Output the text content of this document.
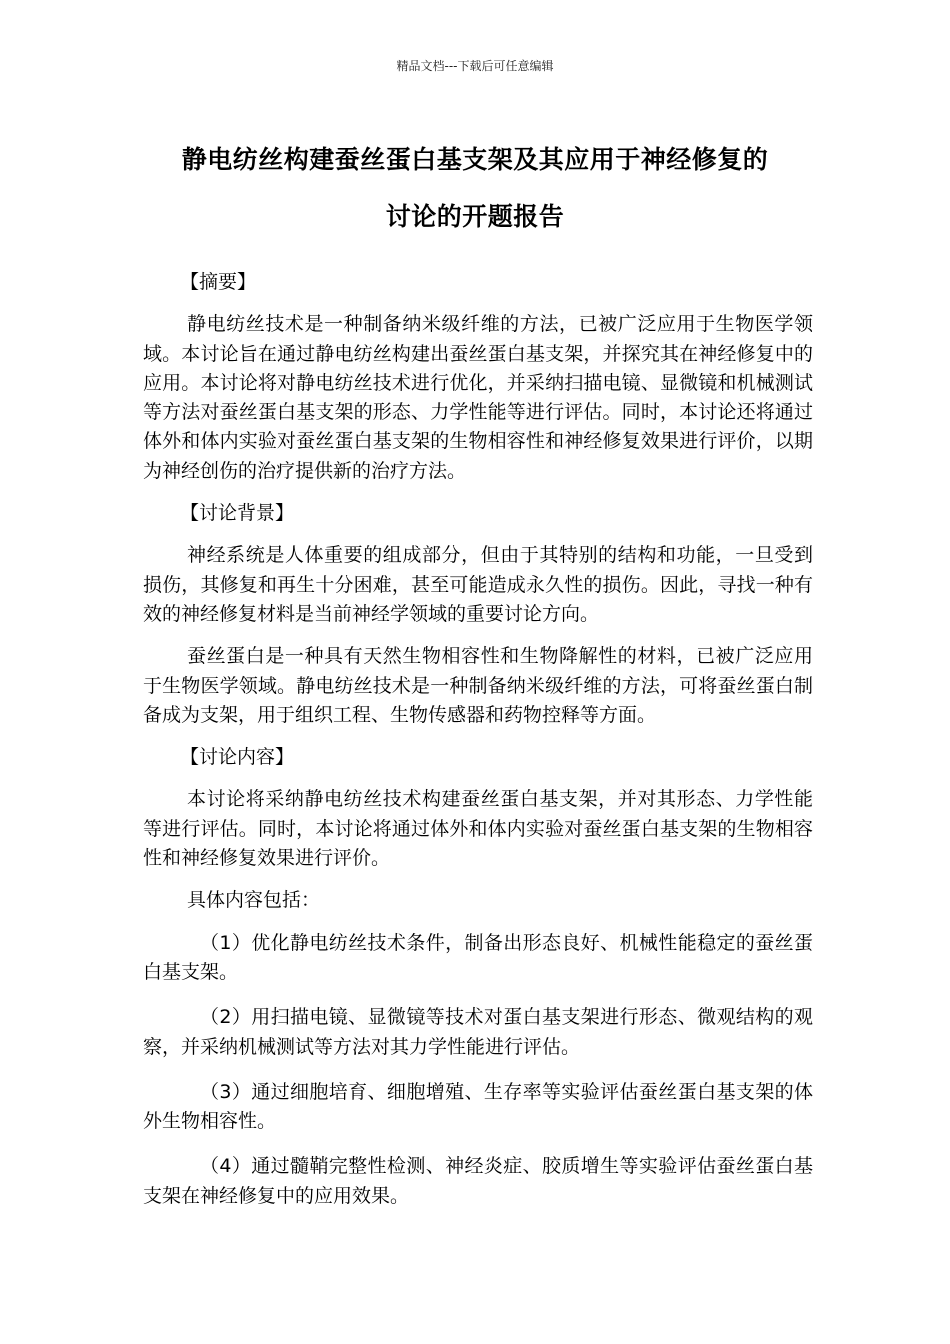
精品文档---下载后可任意编辑
静电纺丝构建蚕丝蛋白基支架及其应用于神经修复的
讨论的开题报告
【摘要】
静电纺丝技术是一种制备纳米级纤维的方法，已被广泛应用于生物医学领域。本讨论旨在通过静电纺丝构建出蚕丝蛋白基支架，并探究其在神经修复中的应用。本讨论将对静电纺丝技术进行优化，并采纳扫描电镜、显微镜和机械测试等方法对蚕丝蛋白基支架的形态、力学性能等进行评估。同时，本讨论还将通过体外和体内实验对蚕丝蛋白基支架的生物相容性和神经修复效果进行评价，以期为神经创伤的治疗提供新的治疗方法。
【讨论背景】
神经系统是人体重要的组成部分，但由于其特别的结构和功能，一旦受到损伤，其修复和再生十分困难，甚至可能造成永久性的损伤。因此，寻找一种有效的神经修复材料是当前神经学领域的重要讨论方向。
蚕丝蛋白是一种具有天然生物相容性和生物降解性的材料，已被广泛应用于生物医学领域。静电纺丝技术是一种制备纳米级纤维的方法，可将蚕丝蛋白制备成为支架，用于组织工程、生物传感器和药物控释等方面。
【讨论内容】
本讨论将采纳静电纺丝技术构建蚕丝蛋白基支架，并对其形态、力学性能等进行评估。同时，本讨论将通过体外和体内实验对蚕丝蛋白基支架的生物相容性和神经修复效果进行评价。
具体内容包括：
（1）优化静电纺丝技术条件，制备出形态良好、机械性能稳定的蚕丝蛋白基支架。
（2）用扫描电镜、显微镜等技术对蛋白基支架进行形态、微观结构的观察，并采纳机械测试等方法对其力学性能进行评估。
（3）通过细胞培育、细胞增殖、生存率等实验评估蚕丝蛋白基支架的体外生物相容性。
（4）通过髓鞘完整性检测、神经炎症、胶质增生等实验评估蚕丝蛋白基支架在神经修复中的应用效果。
